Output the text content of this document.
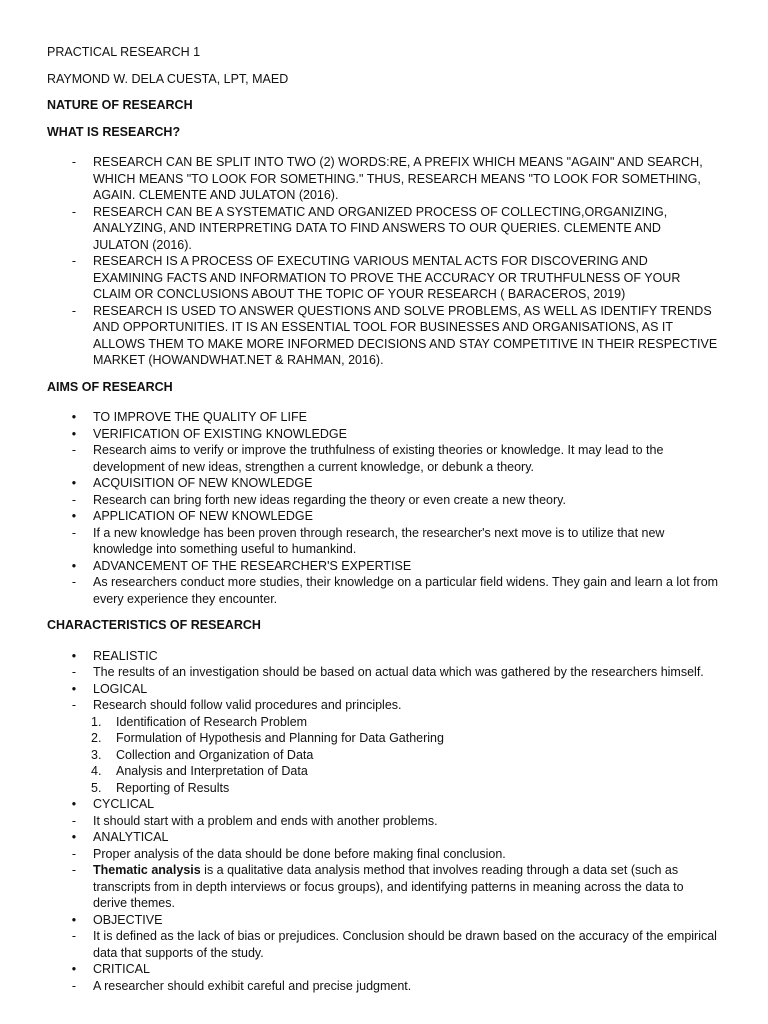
PRACTICAL RESEARCH 1

RAYMOND W. DELA CUESTA, LPT, MAED

NATURE OF RESEARCH

WHAT IS RESEARCH?

-	RESEARCH CAN BE SPLIT INTO TWO (2) WORDS:RE, A PREFIX WHICH MEANS "AGAIN" AND SEARCH, WHICH MEANS "TO LOOK FOR SOMETHING." THUS, RESEARCH MEANS "TO LOOK FOR SOMETHING, AGAIN. CLEMENTE AND JULATON (2016).
-	RESEARCH CAN BE A SYSTEMATIC AND ORGANIZED PROCESS OF COLLECTING,ORGANIZING, ANALYZING, AND INTERPRETING DATA TO FIND ANSWERS TO OUR QUERIES. CLEMENTE AND JULATON (2016).
-	RESEARCH IS A PROCESS OF EXECUTING VARIOUS MENTAL ACTS FOR DISCOVERING AND EXAMINING FACTS AND INFORMATION TO PROVE THE ACCURACY OR TRUTHFULNESS OF YOUR CLAIM OR CONCLUSIONS ABOUT THE TOPIC OF YOUR RESEARCH ( BARACEROS, 2019)
-	RESEARCH IS USED TO ANSWER QUESTIONS AND SOLVE PROBLEMS, AS WELL AS IDENTIFY TRENDS AND OPPORTUNITIES. IT IS AN ESSENTIAL TOOL FOR BUSINESSES AND ORGANISATIONS, AS IT ALLOWS THEM TO MAKE MORE INFORMED DECISIONS AND STAY COMPETITIVE IN THEIR RESPECTIVE MARKET (HOWANDWHAT.NET & RAHMAN, 2016).

AIMS OF RESEARCH

•	TO IMPROVE THE QUALITY OF LIFE
•	VERIFICATION OF EXISTING KNOWLEDGE
-	Research aims to verify or improve the truthfulness of existing theories or knowledge. It may lead to the development of new ideas, strengthen a current knowledge, or debunk a theory.
•	ACQUISITION OF NEW KNOWLEDGE
-	Research can bring forth new ideas regarding the theory or even create a new theory.
•	APPLICATION OF NEW KNOWLEDGE
-	If a new knowledge has been proven through research, the researcher's next move is to utilize that new knowledge into something useful to humankind.
•	ADVANCEMENT OF THE RESEARCHER'S EXPERTISE
-	As researchers conduct more studies, their knowledge on a particular field widens. They gain and learn a lot from every experience they encounter.

CHARACTERISTICS OF RESEARCH

•	REALISTIC
-	The results of an investigation should be based on actual data which was gathered by the researchers himself.
•	LOGICAL
-	Research should follow valid procedures and principles.
1.	Identification of Research Problem
2.	Formulation of Hypothesis and Planning for Data Gathering
3.	Collection and Organization of Data
4.	Analysis and Interpretation of Data
5.	Reporting of Results
•	CYCLICAL
-	It should start with a problem and ends with another problems.
•	ANALYTICAL
-	Proper analysis of the data should be done before making final conclusion.
-	Thematic analysis is a qualitative data analysis method that involves reading through a data set (such as transcripts from in depth interviews or focus groups), and identifying patterns in meaning across the data to derive themes.
•	OBJECTIVE
-	It is defined as the lack of bias or prejudices. Conclusion should be drawn based on the accuracy of the empirical data that supports of the study.
•	CRITICAL
-	A researcher should exhibit careful and precise judgment.
